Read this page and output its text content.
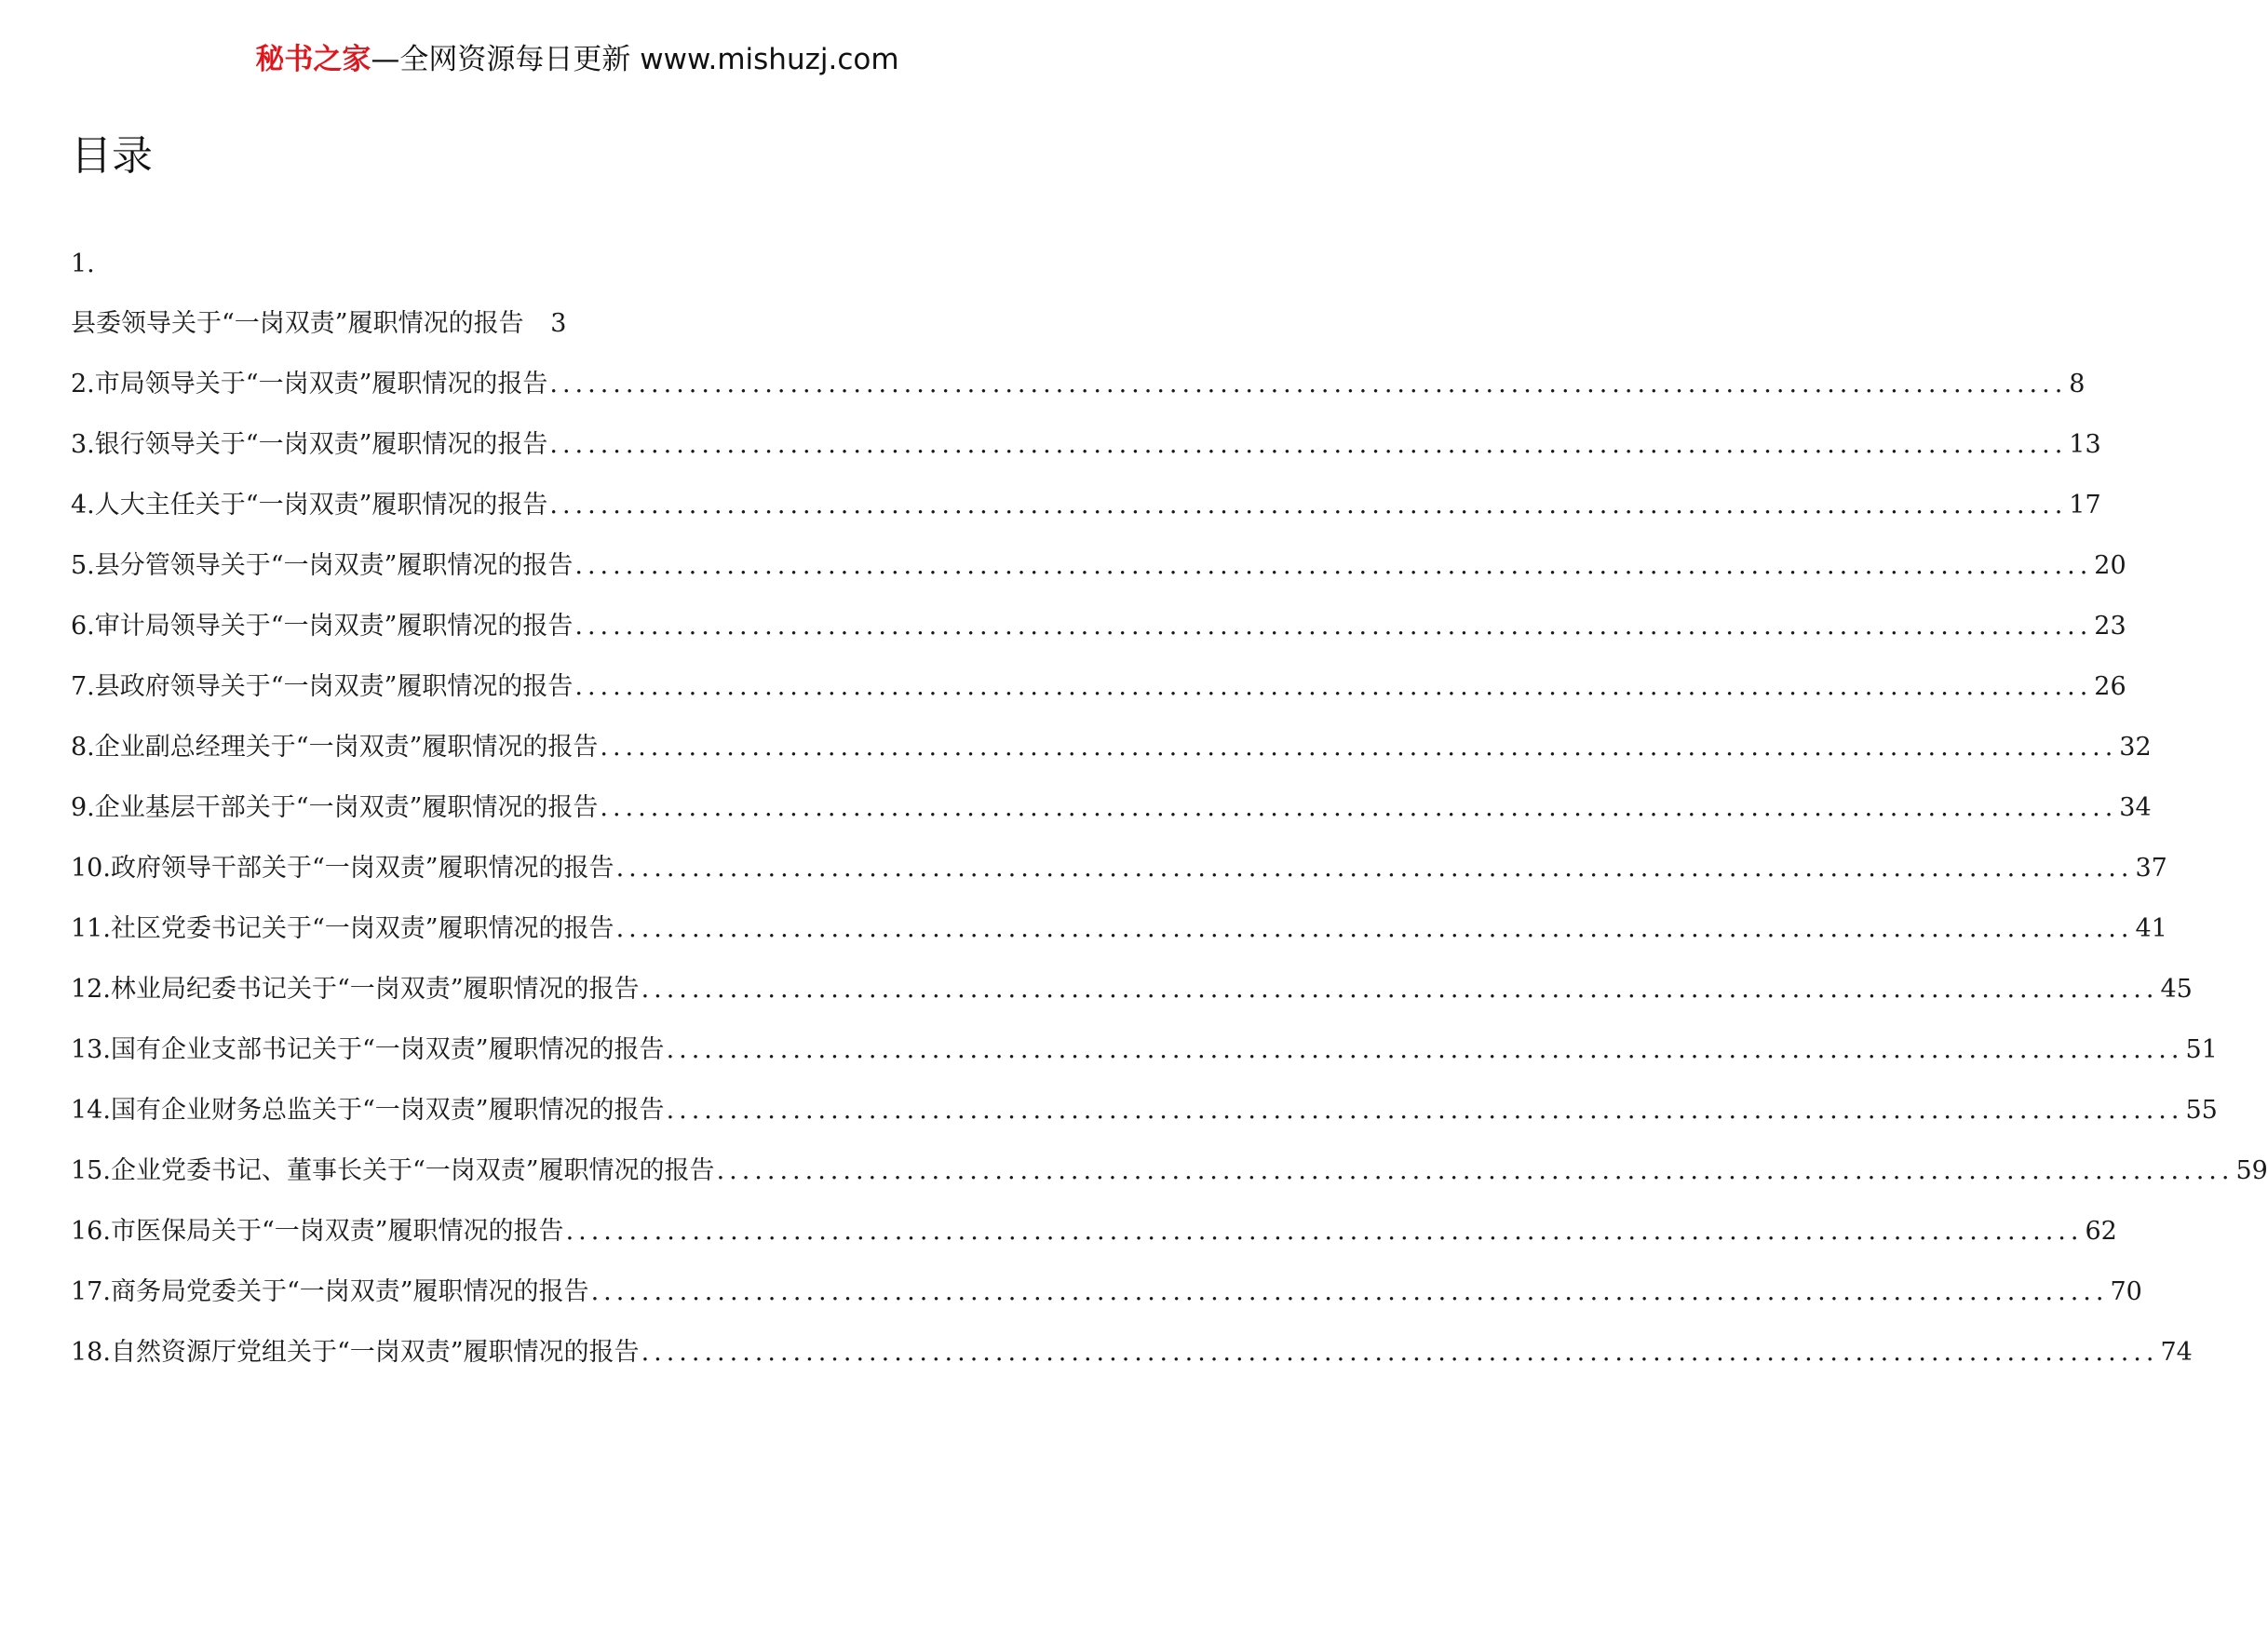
秘书之家—全网资源每日更新 www.mishuzj.com
目录
1.
县委领导关于“一岗双责”履职情况的报告 3
2.市局领导关于“一岗双责”履职情况的报告 ........................................................................................................................ 8
3.银行领导关于“一岗双责”履职情况的报告 ........................................................................................................................ 13
4.人大主任关于“一岗双责”履职情况的报告 ........................................................................................................................ 17
5.县分管领导关于“一岗双责”履职情况的报告 ........................................................................................................................ 20
6.审计局领导关于“一岗双责”履职情况的报告 ........................................................................................................................ 23
7.县政府领导关于“一岗双责”履职情况的报告 ........................................................................................................................ 26
8.企业副总经理关于“一岗双责”履职情况的报告 ........................................................................................................................ 32
9.企业基层干部关于“一岗双责”履职情况的报告 ........................................................................................................................ 34
10.政府领导干部关于“一岗双责”履职情况的报告 ........................................................................................................................ 37
11.社区党委书记关于“一岗双责”履职情况的报告 ........................................................................................................................ 41
12.林业局纪委书记关于“一岗双责”履职情况的报告 ........................................................................................................................ 45
13.国有企业支部书记关于“一岗双责”履职情况的报告 ........................................................................................................................ 51
14.国有企业财务总监关于“一岗双责”履职情况的报告 ........................................................................................................................ 55
15.企业党委书记、董事长关于“一岗双责”履职情况的报告 ........................................................................................................................ 59
16.市医保局关于“一岗双责”履职情况的报告 ........................................................................................................................ 62
17.商务局党委关于“一岗双责”履职情况的报告 ........................................................................................................................ 70
18.自然资源厅党组关于“一岗双责”履职情况的报告 ........................................................................................................................ 74
